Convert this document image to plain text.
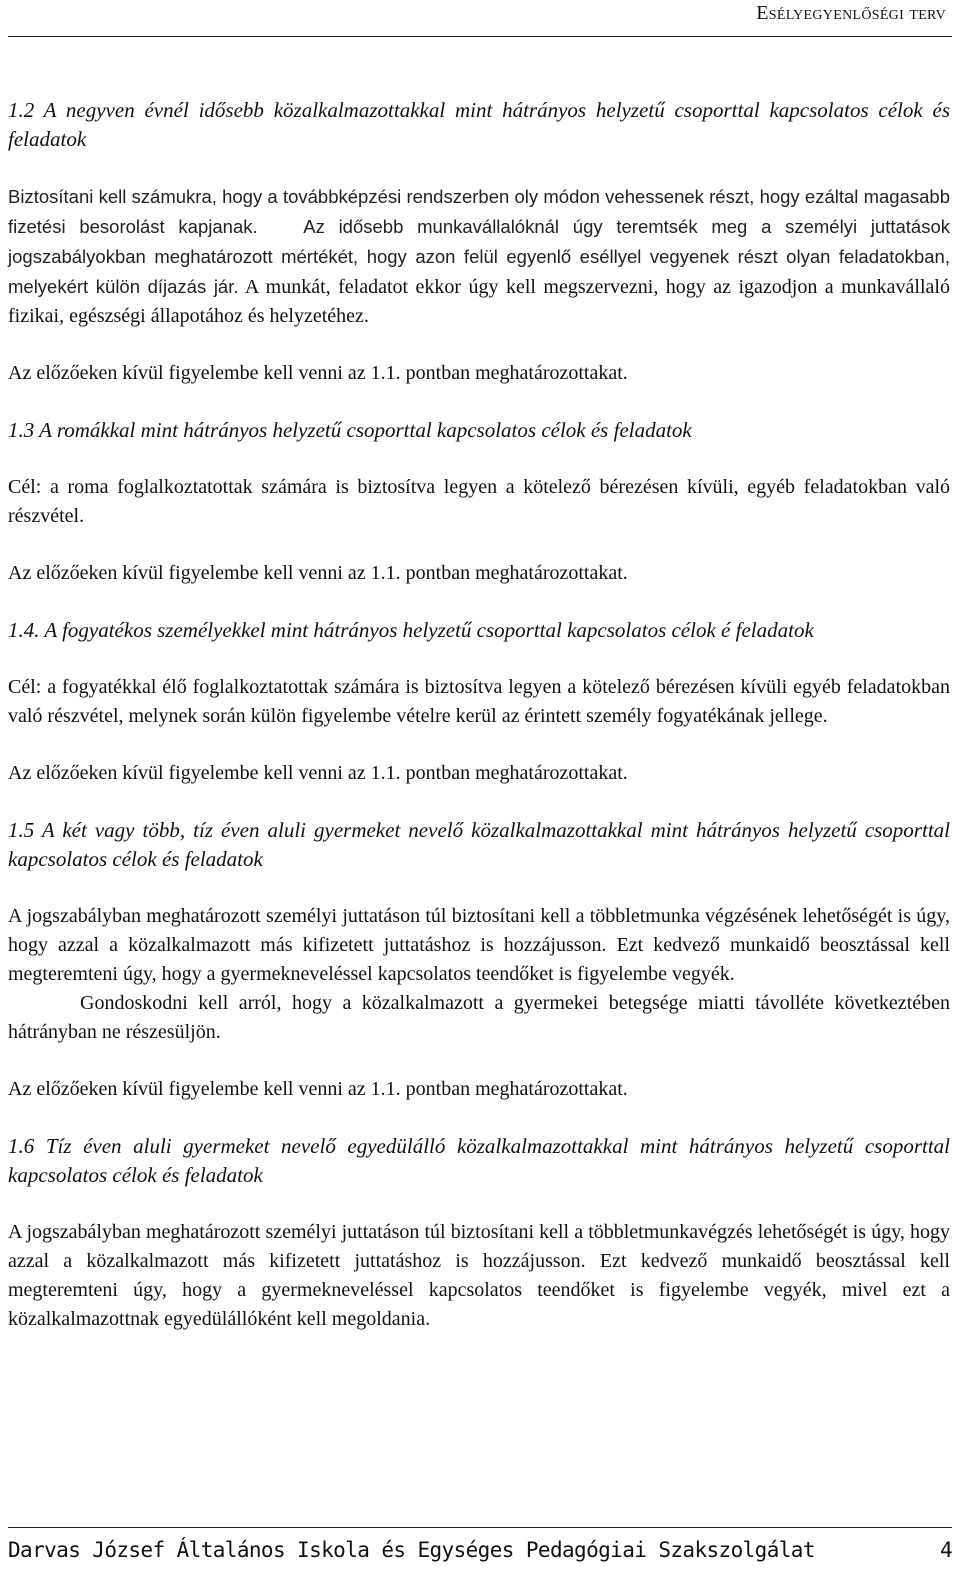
Esélyegyenlőségi terv

1.2 A negyven évnél idősebb közalkalmazottakkal mint hátrányos helyzetű csoporttal kapcsolatos célok és feladatok

Biztosítani kell számukra, hogy a továbbképzési rendszerben oly módon vehessenek részt, hogy ezáltal magasabb fizetési besorolást kapjanak. Az idősebb munkavállalóknál úgy teremtsék meg a személyi juttatások jogszabályokban meghatározott mértékét, hogy azon felül egyenlő eséllyel vegyenek részt olyan feladatokban, melyekért külön díjazás jár. A munkát, feladatot ekkor úgy kell megszervezni, hogy az igazodjon a munkavállaló fizikai, egészségi állapotához és helyzetéhez.

Az előzőeken kívül figyelembe kell venni az 1.1. pontban meghatározottakat.

1.3 A romákkal mint hátrányos helyzetű csoporttal kapcsolatos célok és feladatok

Cél: a roma foglalkoztatottak számára is biztosítva legyen a kötelező bérezésen kívüli, egyéb feladatokban való részvétel.

Az előzőeken kívül figyelembe kell venni az 1.1. pontban meghatározottakat.

1.4. A fogyatékos személyekkel mint hátrányos helyzetű csoporttal kapcsolatos célok é feladatok

Cél: a fogyatékkal élő foglalkoztatottak számára is biztosítva legyen a kötelező bérezésen kívüli egyéb feladatokban való részvétel, melynek során külön figyelembe vételre kerül az érintett személy fogyatékának jellege.

Az előzőeken kívül figyelembe kell venni az 1.1. pontban meghatározottakat.

1.5 A két vagy több, tíz éven aluli gyermeket nevelő közalkalmazottakkal mint hátrányos helyzetű csoporttal kapcsolatos célok és feladatok

A jogszabályban meghatározott személyi juttatáson túl biztosítani kell a többletmunka végzésének lehetőségét is úgy, hogy azzal a közalkalmazott más kifizetett juttatáshoz is hozzájusson. Ezt kedvező munkaidő beosztással kell megteremteni úgy, hogy a gyermekneveléssel kapcsolatos teendőket is figyelembe vegyék.

Gondoskodni kell arról, hogy a közalkalmazott a gyermekei betegsége miatti távolléte következtében hátrányban ne részesüljön.

Az előzőeken kívül figyelembe kell venni az 1.1. pontban meghatározottakat.

1.6 Tíz éven aluli gyermeket nevelő egyedülálló közalkalmazottakkal mint hátrányos helyzetű csoporttal kapcsolatos célok és feladatok

A jogszabályban meghatározott személyi juttatáson túl biztosítani kell a többletmunkavégzés lehetőségét is úgy, hogy azzal a közalkalmazott más kifizetett juttatáshoz is hozzájusson. Ezt kedvező munkaidő beosztással kell megteremteni úgy, hogy a gyermekneveléssel kapcsolatos teendőket is figyelembe vegyék, mivel ezt a közalkalmazottnak egyedülállóként kell megoldania.

Darvas József Általános Iskola és Egységes Pedagógiai Szakszolgálat	4
